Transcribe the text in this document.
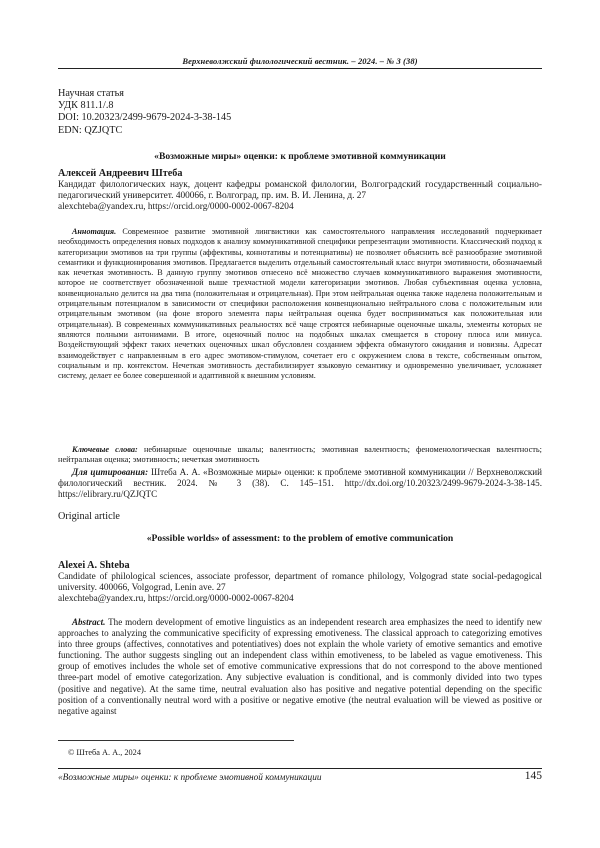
Верхневолжский филологический вестник. – 2024. – № 3 (38)
Научная статья
УДК 811.1/.8
DOI: 10.20323/2499-9679-2024-3-38-145
EDN: QZJQTC
«Возможные миры» оценки: к проблеме эмотивной коммуникации
Алексей Андреевич Штеба
Кандидат филологических наук, доцент кафедры романской филологии, Волгоградский государственный социально-педагогический университет. 400066, г. Волгоград, пр. им. В. И. Ленина, д. 27
alexchteba@yandex.ru, https://orcid.org/0000-0002-0067-8204

Аннотация. Современное развитие эмотивной лингвистики как самостоятельного направления исследований подчеркивает необходимость определения новых подходов к анализу коммуникативной специфики репрезентации эмотивности. Классический подход к категоризации эмотивов на три группы (аффективы, коннотативы и потенциативы) не позволяет объяснить всё разнообразие эмотивной семантики и функционирования эмотивов. Предлагается выделить отдельный самостоятельный класс внутри эмотивности, обозначаемый как нечеткая эмотивность. В данную группу эмотивов отнесено всё множество случаев коммуникативного выражения эмотивности, которое не соответствует обозначенной выше трехчастной модели категоризации эмотивов. Любая субъективная оценка условна, конвенционально делится на два типа (положительная и отрицательная). При этом нейтральная оценка также наделена положительным и отрицательным потенциалом в зависимости от специфики расположения конвенционально нейтрального слова с положительным или отрицательным эмотивом (на фоне второго элемента пары нейтральная оценка будет восприниматься как положительная или отрицательная). В современных коммуникативных реальностях всё чаще строятся небинарные оценочные шкалы, элементы которых не являются полными антонимами. В итоге, оценочный полюс на подобных шкалах смещается в сторону плюса или минуса. Воздействующий эффект таких нечетких оценочных шкал обусловлен созданием эффекта обманутого ожидания и новизны. Адресат взаимодействует с направленным в его адрес эмотивом-стимулом, сочетает его с окружением слова в тексте, собственным опытом, социальным и пр. контекстом. Нечеткая эмотивность дестабилизирует языковую семантику и одновременно увеличивает, усложняет систему, делает ее более совершенной и адаптивной к внешним условиям.

Ключевые слова: небинарные оценочные шкалы; валентность; эмотивная валентность; феноменологическая валентность; нейтральная оценка; эмотивность; нечеткая эмотивность

Для цитирования: Штеба А. А. «Возможные миры» оценки: к проблеме эмотивной коммуникации // Верхневолжский филологический вестник. 2024. № 3 (38). С. 145–151. http://dx.doi.org/10.20323/2499-9679-2024-3-38-145. https://elibrary.ru/QZJQTC

Original article
«Possible worlds» of assessment: to the problem of emotive communication
Alexei A. Shteba
Candidate of philological sciences, associate professor, department of romance philology, Volgograd state social-pedagogical university. 400066, Volgograd, Lenin ave. 27
alexchteba@yandex.ru, https://orcid.org/0000-0002-0067-8204

Abstract. The modern development of emotive linguistics as an independent research area emphasizes the need to identify new approaches to analyzing the communicative specificity of expressing emotiveness. The classical approach to categorizing emotives into three groups (affectives, connotatives and potentiatives) does not explain the whole variety of emotive semantics and emotive functioning. The author suggests singling out an independent class within emotiveness, to be labeled as vague emotiveness. This group of emotives includes the whole set of emotive communicative expressions that do not correspond to the above mentioned three-part model of emotive categorization. Any subjective evaluation is conditional, and is commonly divided into two types (positive and negative). At the same time, neutral evaluation also has positive and negative potential depending on the specific position of a conventionally neutral word with a positive or negative emotive (the neutral evaluation will be viewed as positive or negative against

© Штеба А. А., 2024
«Возможные миры» оценки: к проблеме эмотивной коммуникации	145
